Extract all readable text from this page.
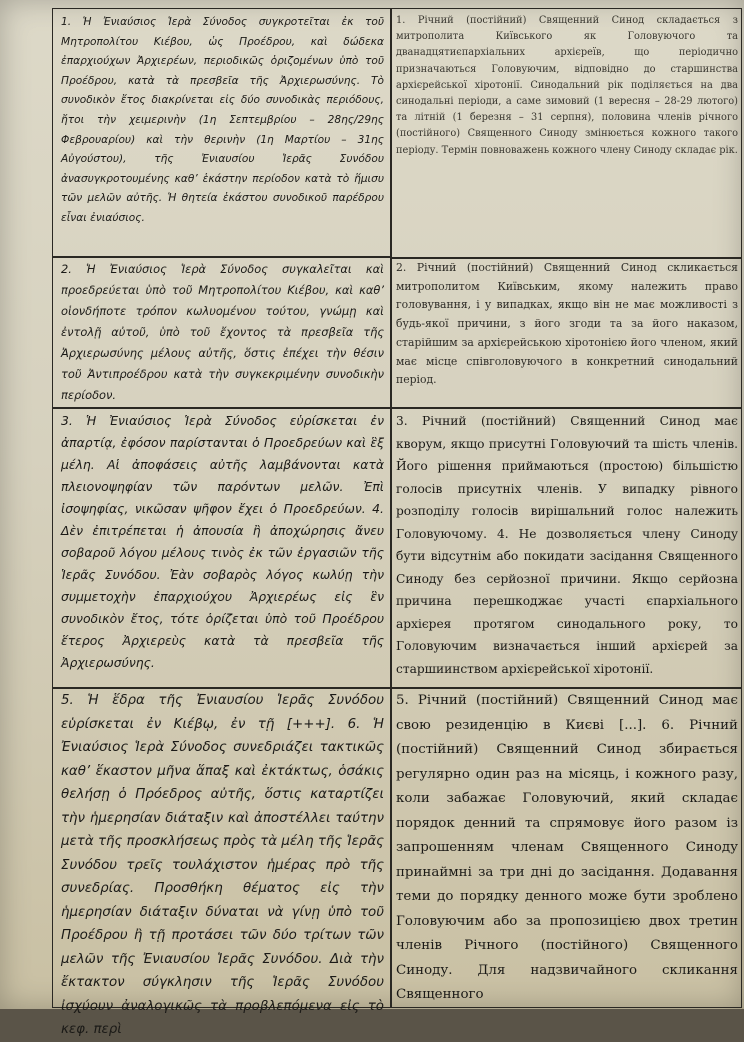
1. Ἡ Ἐνιαύσιος Ἱερὰ Σύνοδος συγκροτεῖται ἐκ τοῦ Μητροπολίτου Κιέβου, ὡς Προέδρου, καὶ δώδεκα ἐπαρχιούχων Ἀρχιερέων, περιοδικῶς ὁριζομένων ὑπὸ τοῦ Προέδρου, κατὰ τὰ πρεσβεῖα τῆς Ἀρχιερωσύνης. Τὸ συνοδικὸν ἔτος διακρίνεται εἰς δύο συνοδικὰς περιόδους, ἤτοι τὴν χειμερινὴν (1η Σεπτεμβρίου – 28ης/29ης Φεβρουαρίου) καὶ τὴν θερινὴν (1η Μαρτίου – 31ης Αὐγούστου), τῆς Ἐνιαυσίου Ἱερᾶς Συνόδου ἀνασυγκροτουμένης καθ’ ἑκάστην περίοδον κατὰ τὸ ἥμισυ τῶν μελῶν αὐτῆς. Ἡ θητεία ἑκάστου συνοδικοῦ παρέδρου εἶναι ἐνιαύσιος.

1. Річний (постійний) Священний Синод складається з митрополита Київського як Головуючого та дванадцятиєпархіальних архієреїв, що періодично призначаються Головуючим, відповідно до старшинства архієрейської хіротонії. Синодальний рік поділяється на два синодальні періоди, а саме зимовий (1 вересня – 28-29 лютого) та літній (1 березня – 31 серпня), половина членів річного (постійного) Священного Синоду змінюється кожного такого періоду. Термін повноважень кожного члену Синоду складає рік.

2. Ἡ Ἐνιαύσιος Ἱερὰ Σύνοδος συγκαλεῖται καὶ προεδρεύεται ὑπὸ τοῦ Μητροπολίτου Κιέβου, καὶ καθ’ οἱονδήποτε τρόπον κωλυομένου τούτου, γνώμῃ καὶ ἐντολῇ αὐτοῦ, ὑπὸ τοῦ ἔχοντος τὰ πρεσβεῖα τῆς Ἀρχιερωσύνης μέλους αὐτῆς, ὅστις ἐπέχει τὴν θέσιν τοῦ Ἀντιπροέδρου κατὰ τὴν συγκεκριμένην συνοδικὴν περίοδον.

2. Річний (постійний) Священний Синод скликається митрополитом Київським, якому належить право головування, і у випадках, якщо він не має можливості з будь-якої причини, з його згоди та за його наказом, старійшим за архієрейською хіротонією його членом, який має місце співголовуючого в конкретний синодальний період.

3. Ἡ Ἐνιαύσιος Ἱερὰ Σύνοδος εὑρίσκεται ἐν ἀπαρτίᾳ, ἐφόσον παρίστανται ὁ Προεδρεύων καὶ ἓξ μέλη. Αἱ ἀποφάσεις αὐτῆς λαμβάνονται κατὰ πλειονοψηφίαν τῶν παρόντων μελῶν. Ἐπὶ ἰσοψηφίας, νικῶσαν ψῆφον ἔχει ὁ Προεδρεύων. 4. Δὲν ἐπιτρέπεται ἡ ἀπουσία ἢ ἀποχώρησις ἄνευ σοβαροῦ λόγου μέλους τινὸς ἐκ τῶν ἐργασιῶν τῆς Ἱερᾶς Συνόδου. Ἐὰν σοβαρὸς λόγος κωλύῃ τὴν συμμετοχὴν ἐπαρχιούχου Ἀρχιερέως εἰς ἓν συνοδικὸν ἔτος, τότε ὁρίζεται ὑπὸ τοῦ Προέδρου ἕτερος Ἀρχιερεὺς κατὰ τὰ πρεσβεῖα τῆς Ἀρχιερωσύνης.

3. Річний (постійний) Священний Синод має кворум, якщо присутні Головуючий та шість членів. Його рішення приймаються (простою) більшістю голосів присутніх членів. У випадку рівного розподілу голосів вирішальний голос належить Головуючому. 4. Не дозволяється члену Синоду бути відсутнім або покидати засідання Священного Синоду без серйозної причини. Якщо серйозна причина перешкоджає участі єпархіального архієрея протягом синодального року, то Головуючим визначається інший архієрей за старшиинством архієрейської хіротонії.

5. Ἡ ἕδρα τῆς Ἐνιαυσίου Ἱερᾶς Συνόδου εὑρίσκεται ἐν Κιέβῳ, ἐν τῇ [+++]. 6. Ἡ Ἐνιαύσιος Ἱερὰ Σύνοδος συνεδριάζει τακτικῶς καθ’ ἕκαστον μῆνα ἅπαξ καὶ ἐκτάκτως, ὁσάκις θελήσῃ ὁ Πρόεδρος αὐτῆς, ὅστις καταρτίζει τὴν ἡμερησίαν διάταξιν καὶ ἀποστέλλει ταύτην μετὰ τῆς προσκλήσεως πρὸς τὰ μέλη τῆς Ἱερᾶς Συνόδου τρεῖς τουλάχιστον ἡμέρας πρὸ τῆς συνεδρίας. Προσθήκη θέματος εἰς τὴν ἡμερησίαν διάταξιν δύναται νὰ γίνῃ ὑπὸ τοῦ Προέδρου ἢ τῇ προτάσει τῶν δύο τρίτων τῶν μελῶν τῆς Ἐνιαυσίου Ἱερᾶς Συνόδου. Διὰ τὴν ἔκτακτον σύγκλησιν τῆς Ἱερᾶς Συνόδου ἰσχύουν ἀναλογικῶς τὰ προβλεπόμενα εἰς τὸ κεφ. περὶ

5. Річний (постійний) Священний Синод має свою резиденцію в Києві [...]. 6. Річний (постійний) Священний Синод збирається регулярно один раз на місяць, і кожного разу, коли забажає Головуючий, який складає порядок денний та спрямовує його разом із запрошенням членам Священного Синоду принаймні за три дні до засідання. Додавання теми до порядку денного може бути зроблено Головуючим або за пропозицією двох третин членів Річного (постійного) Священного Синоду. Для надзвичайного скликання Священного
